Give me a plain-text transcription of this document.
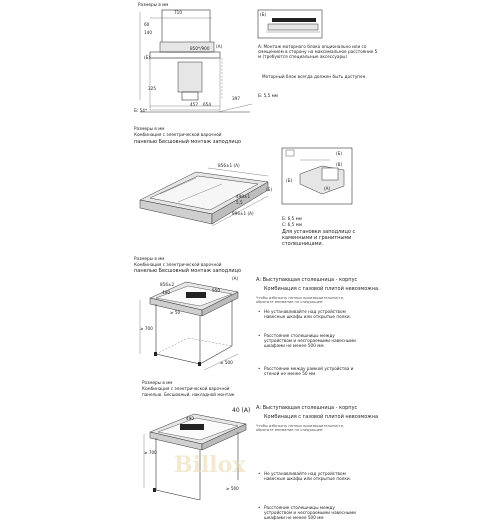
Размеры в мм
(Б)
(A)
710
60
140
850*/900
325
457 654
397
Б: 54*
(Б)
A: Монтаж моторного блока опционально или со смещением в сторону на максимальное расстояние 5 м (требуются специальные аксессуары)
Моторный блок всегда должен быть доступен.
Б: 5,5 мм
Размеры в мм
Комбинация с электрической варочной
панелью Бесшовный монтаж заподлицо
856±1 (A)
(Б)
896±1 (A)
490±1
5,5
(Б)
(В)
(Б)
(А)
Б: 6,5 мм
С: 6,5 мм
Для установки заподлицо с каменными и гранитными столешницами.
Размеры в мм
Комбинация с электрической варочной
панелью Бесшовный монтаж заподлицо
856±2
490	550
≥ 50
≥ 700
≥ 500
(A)	A: Выступающая столешница - корпус
Комбинация с газовой плитой невозможна.
Чтобы избежать потери производительности, обратите внимание на следующее:
• Не устанавливайте над устройством навесные шкафы или открытые полки.
• Расстояние столешницы между устройством и несгораемыми навесными шкафами не менее 500 мм.
• Расстояние между рамкой устройства и стеной не менее 50 мм
Размеры в мм
Комбинация с электрической варочной
панелью. Бесшовный, накладной монтаж
≥ 700
490
≥ 500
40 (A) A: Выступающая столешница - корпус
Комбинация с газовой плитой невозможна
Чтобы избежать потери производительности, обратите внимание на следующее:
• Не устанавливайте над устройством навесные шкафы или открытые полки.
• Расстояние столешницы между устройством и несгораемыми навесными шкафами не менее 500 мм
Billox
